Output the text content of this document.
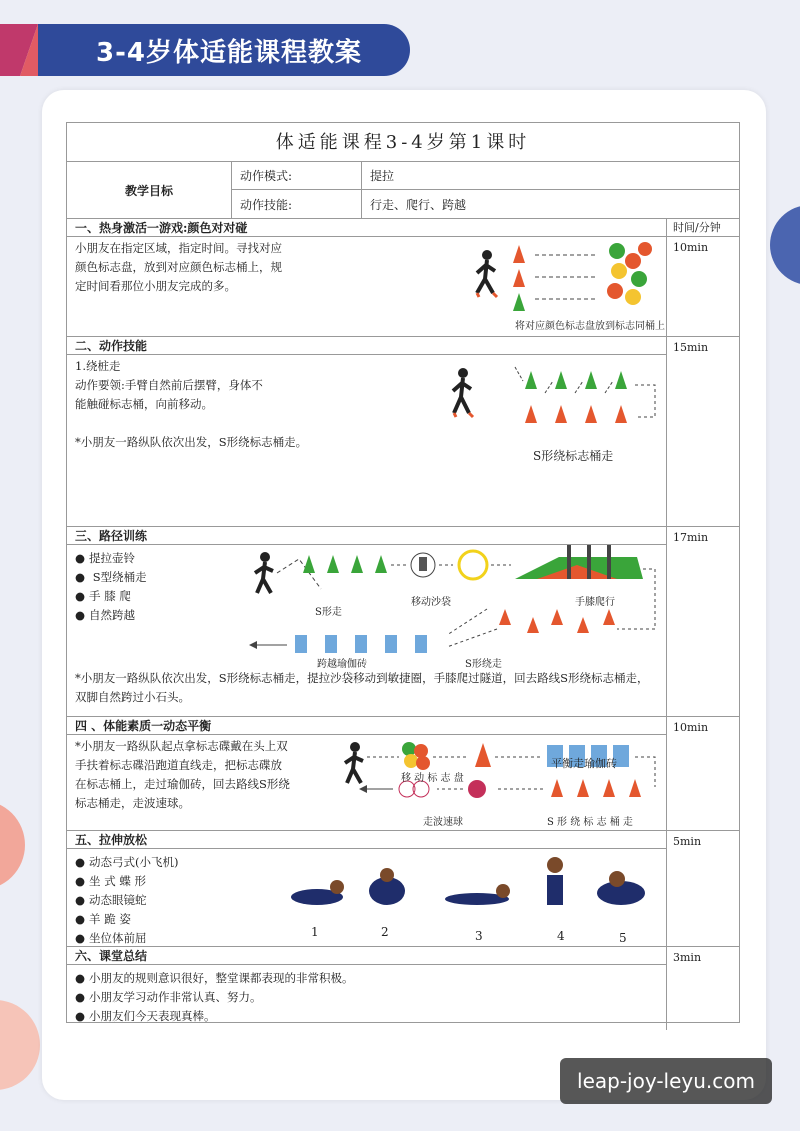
3-4岁体适能课程教案
体适能课程3-4岁第1课时
教学目标
动作模式:	提拉
动作技能:	行走、爬行、跨越
一、热身激活一游戏:颜色对对碰
小朋友在指定区域，指定时间。寻找对应
颜色标志盘，放到对应颜色标志桶上，规
定时间看那位小朋友完成的多。
将对应颜色标志盘放到标志同桶上
时间/分钟
10min
二、动作技能
1.绕桩走
动作要领:手臂自然前后摆臂，身体不
能触碰标志桶，向前移动。
*小朋友一路纵队依次出发，S形绕标志桶走。
S形绕标志桶走
15min
三、路径训练
● 提拉壶铃
● S型绕桶走
● 手 膝 爬
● 自然跨越	S形走
移动沙袋	手膝爬行
跨越瑜伽砖	S形绕走
*小朋友一路纵队依次出发，S形绕标志桶走，提拉沙袋移动到敏捷圈，手膝爬过隧道，回去路线S形绕标志桶走，双脚自然跨过小石头。
17min
四 、体能素质一动态平衡
*小朋友一路纵队起点拿标志碟戴在头上双
手扶着标志碟沿跑道直线走，把标志碟放
在标志桶上，走过瑜伽砖，回去路线S形绕
标志桶走，走波速球。
移 动 标 志 盘
平衡走瑜伽砖
走波速球	S 形 绕 标 志 桶 走
10min
五、拉伸放松
● 动态弓式(小飞机)
● 坐 式 蝶 形
● 动态眼镜蛇
● 羊 跪 姿
● 坐位体前屈	1	2	3	4	5
5min
六、课堂总结
● 小朋友的规则意识很好，整堂课都表现的非常积极。
● 小朋友学习动作非常认真、努力。
● 小朋友们今天表现真棒。
3min
leap-joy-leyu.com
